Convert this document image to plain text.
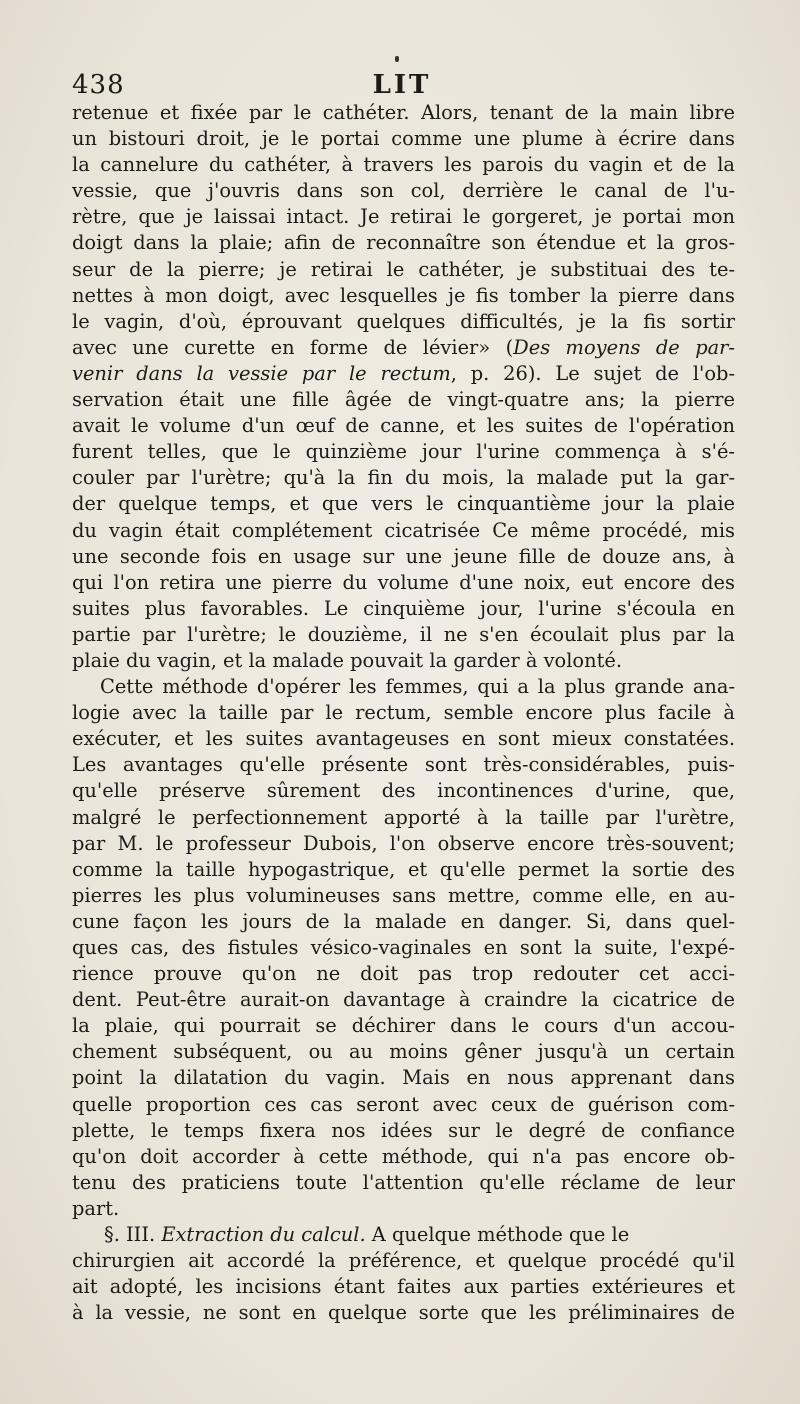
438	LIT
retenue et fixée par le cathéter. Alors, tenant de la main libre
un bistouri droit, je le portai comme une plume à écrire dans
la cannelure du cathéter, à travers les parois du vagin et de la
vessie, que j'ouvris dans son col, derrière le canal de l'u-
rètre, que je laissai intact. Je retirai le gorgeret, je portai mon
doigt dans la plaie; afin de reconnaître son étendue et la gros-
seur de la pierre; je retirai le cathéter, je substituai des te-
nettes à mon doigt, avec lesquelles je fis tomber la pierre dans
le vagin, d'où, éprouvant quelques difficultés, je la fis sortir
avec une curette en forme de lévier» (Des moyens de par-
venir dans la vessie par le rectum, p. 26). Le sujet de l'ob-
servation était une fille âgée de vingt-quatre ans; la pierre
avait le volume d'un œuf de canne, et les suites de l'opération
furent telles, que le quinzième jour l'urine commença à s'é-
couler par l'urètre; qu'à la fin du mois, la malade put la gar-
der quelque temps, et que vers le cinquantième jour la plaie
du vagin était complétement cicatrisée Ce même procédé, mis
une seconde fois en usage sur une jeune fille de douze ans, à
qui l'on retira une pierre du volume d'une noix, eut encore des
suites plus favorables. Le cinquième jour, l'urine s'écoula en
partie par l'urètre; le douzième, il ne s'en écoulait plus par la
plaie du vagin, et la malade pouvait la garder à volonté.
Cette méthode d'opérer les femmes, qui a la plus grande ana-
logie avec la taille par le rectum, semble encore plus facile à
exécuter, et les suites avantageuses en sont mieux constatées.
Les avantages qu'elle présente sont très-considérables, puis-
qu'elle préserve sûrement des incontinences d'urine, que,
malgré le perfectionnement apporté à la taille par l'urètre,
par M. le professeur Dubois, l'on observe encore très-souvent;
comme la taille hypogastrique, et qu'elle permet la sortie des
pierres les plus volumineuses sans mettre, comme elle, en au-
cune façon les jours de la malade en danger. Si, dans quel-
ques cas, des fistules vésico-vaginales en sont la suite, l'expé-
rience prouve qu'on ne doit pas trop redouter cet acci-
dent. Peut-être aurait-on davantage à craindre la cicatrice de
la plaie, qui pourrait se déchirer dans le cours d'un accou-
chement subséquent, ou au moins gêner jusqu'à un certain
point la dilatation du vagin. Mais en nous apprenant dans
quelle proportion ces cas seront avec ceux de guérison com-
plette, le temps fixera nos idées sur le degré de confiance
qu'on doit accorder à cette méthode, qui n'a pas encore ob-
tenu des praticiens toute l'attention qu'elle réclame de leur
part.
§. III. Extraction du calcul. A quelque méthode que le
chirurgien ait accordé la préférence, et quelque procédé qu'il
ait adopté, les incisions étant faites aux parties extérieures et
à la vessie, ne sont en quelque sorte que les préliminaires de
